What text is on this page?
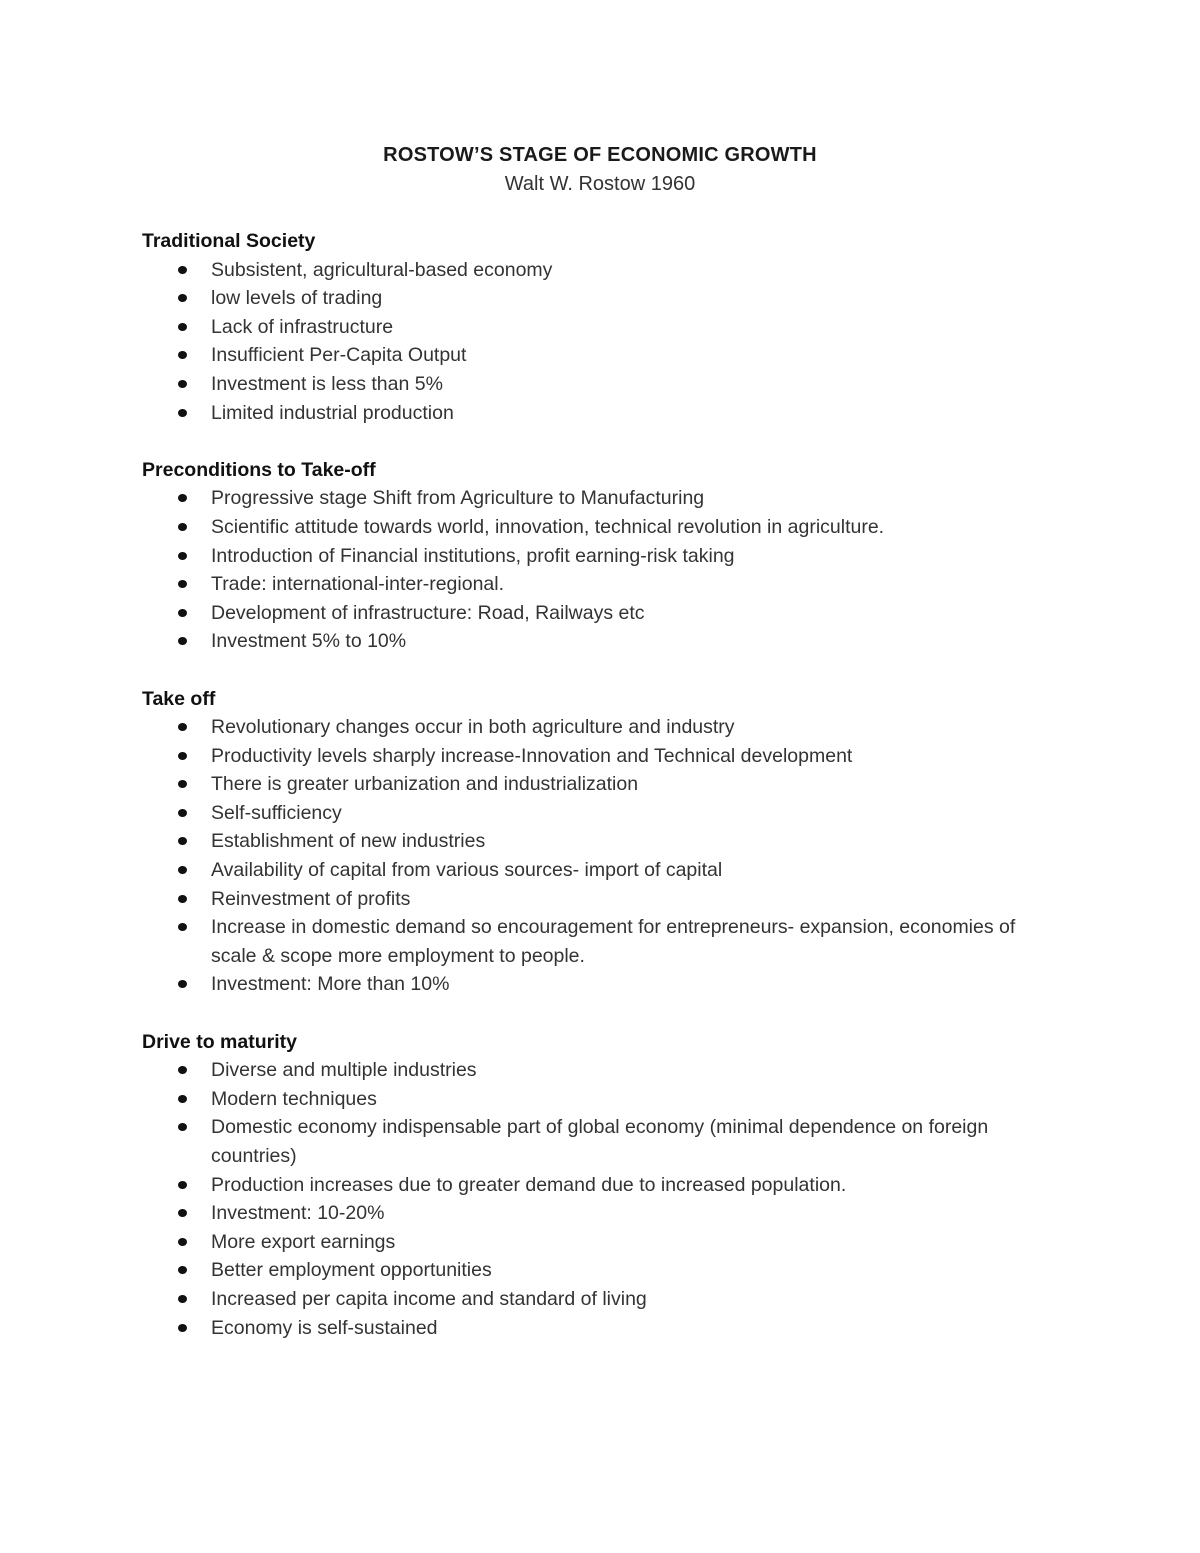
ROSTOW’S STAGE OF ECONOMIC GROWTH
Walt W. Rostow 1960
Traditional Society
Subsistent, agricultural-based economy
low levels of trading
Lack of infrastructure
Insufficient Per-Capita Output
Investment is less than 5%
Limited industrial production
Preconditions to Take-off
Progressive stage Shift from Agriculture to Manufacturing
Scientific attitude towards world, innovation, technical revolution in agriculture.
Introduction of Financial institutions, profit earning-risk taking
Trade: international-inter-regional.
Development of infrastructure: Road, Railways etc
Investment 5% to 10%
Take off
Revolutionary changes occur in both agriculture and industry
Productivity levels sharply increase-Innovation and Technical development
There is greater urbanization and industrialization
Self-sufficiency
Establishment of new industries
Availability of capital from various sources- import of capital
Reinvestment of profits
Increase in domestic demand so encouragement for entrepreneurs- expansion, economies of scale & scope more employment to people.
Investment: More than 10%
Drive to maturity
Diverse and multiple industries
Modern techniques
Domestic economy indispensable part of global economy (minimal dependence on foreign countries)
Production increases due to greater demand due to increased population.
Investment: 10-20%
More export earnings
Better employment opportunities
Increased per capita income and standard of living
Economy is self-sustained
